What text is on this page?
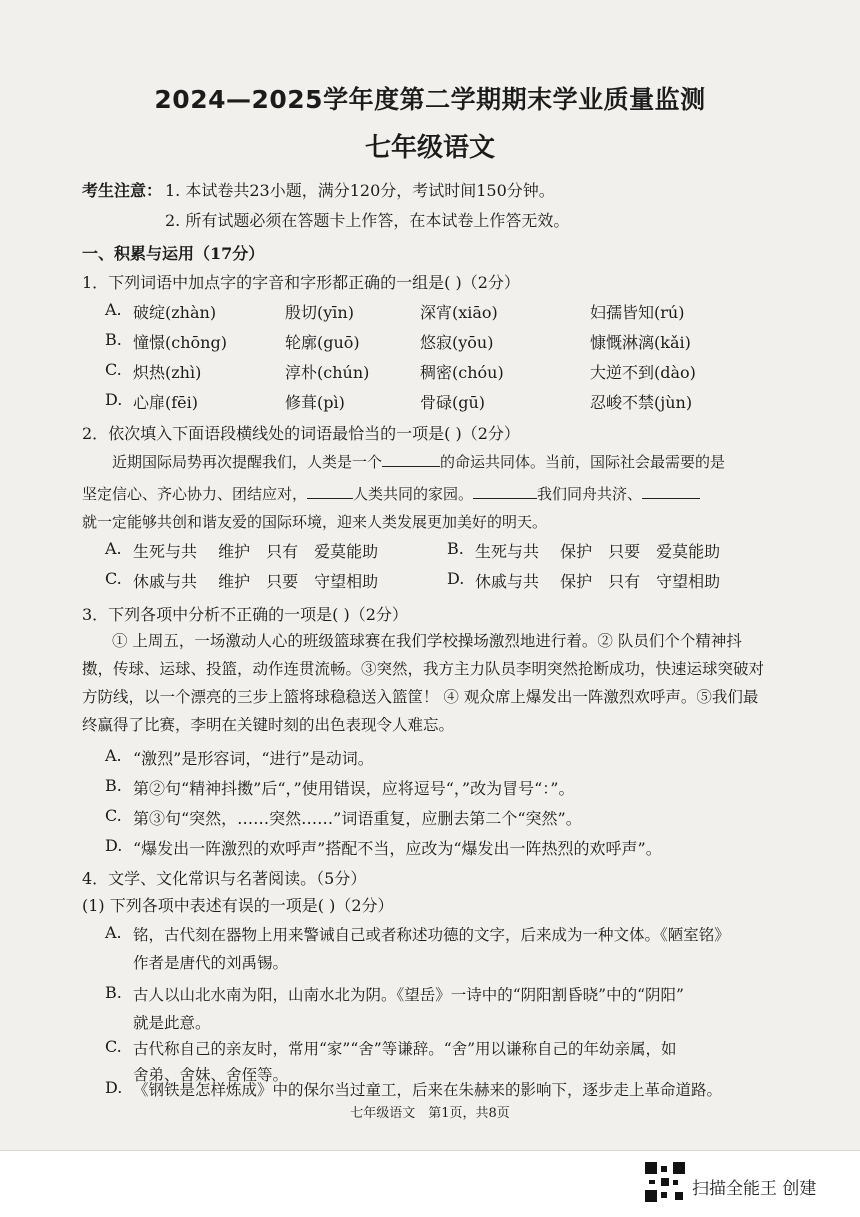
2024—2025学年度第二学期期末学业质量监测
七年级语文
考生注意： 1. 本试卷共23小题，满分120分，考试时间150分钟。
2. 所有试题必须在答题卡上作答，在本试卷上作答无效。
一、积累与运用（17分）
1．下列词语中加点字的字音和字形都正确的一组是( )（2分）
A. 破绽(zhàn)	殷切(yīn)	深宵(xiāo)	妇孺皆知(rú)
B. 憧憬(chōng)	轮廓(guō)	悠寂(yōu)	慷慨淋漓(kǎi)
C. 炽热(zhì)	淳朴(chún)	稠密(chóu)	大逆不到(dào)
D. 心扉(fēi)	修葺(pì)	骨碌(gū)	忍峻不禁(jùn)
2．依次填入下面语段横线处的词语最恰当的一项是( )（2分）
近期国际局势再次提醒我们，人类是一个	的命运共同体。当前，国际社会最需要的是
坚定信心、齐心协力、团结应对，	人类共同的家园。	我们同舟共济、
就一定能够共创和谐友爱的国际环境，迎来人类发展更加美好的明天。
A. 生死与共　 维护　只有　爱莫能助	B. 生死与共　 保护　只要　爱莫能助
C. 休戚与共　 维护　只要　守望相助	D. 休戚与共　 保护　只有　守望相助
3．下列各项中分析不正确的一项是( )（2分）
① 上周五，一场激动人心的班级篮球赛在我们学校操场激烈地进行着。② 队员们个个精神抖擞，传球、运球、投篮，动作连贯流畅。③突然，我方主力队员李明突然抢断成功，快速运球突破对方防线，以一个漂亮的三步上篮将球稳稳送入篮筐！ ④ 观众席上爆发出一阵激烈欢呼声。⑤我们最终赢得了比赛，李明在关键时刻的出色表现令人难忘。
A. “激烈”是形容词，“进行”是动词。
B. 第②句“精神抖擞”后“，”使用错误，应将逗号“，”改为冒号“：”。
C. 第③句“突然，……突然……”词语重复，应删去第二个“突然”。
D. “爆发出一阵激烈的欢呼声”搭配不当，应改为“爆发出一阵热烈的欢呼声”。
4．文学、文化常识与名著阅读。（5分）
(1) 下列各项中表述有误的一项是( )（2分）
A. 铭，古代刻在器物上用来警诫自己或者称述功德的文字，后来成为一种文体。《陋室铭》
作者是唐代的刘禹锡。
B. 古人以山北水南为阳，山南水北为阴。《望岳》一诗中的“阴阳割昏晓”中的“阴阳”
就是此意。
C. 古代称自己的亲友时，常用“家”“舍”等谦辞。“舍”用以谦称自己的年幼亲属，如
舍弟、舍妹、舍侄等。
D. 《钢铁是怎样炼成》中的保尔当过童工，后来在朱赫来的影响下，逐步走上革命道路。
七年级语文　第1页，共8页
扫描全能王 创建
